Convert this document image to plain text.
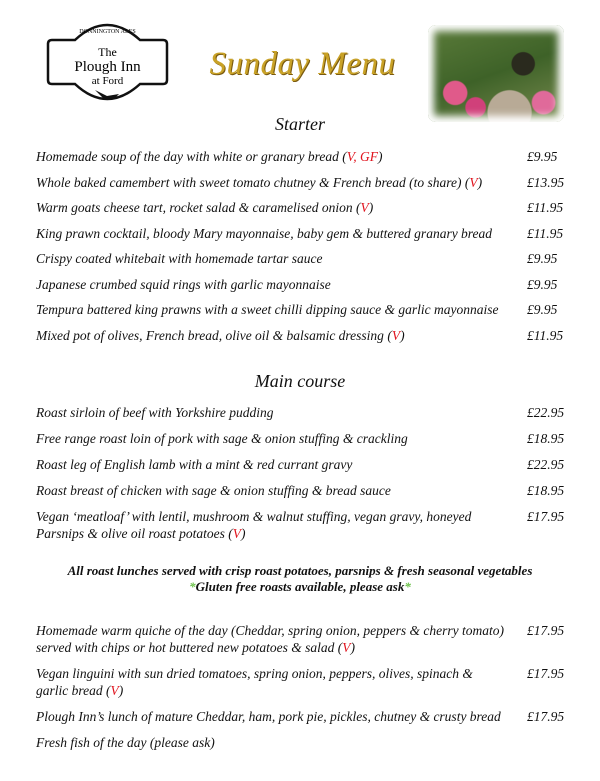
DONNINGTON ALES
The
Plough Inn
at Ford	Sunday Menu
Starter
Homemade soup of the day with white or granary bread (V, GF)	£9.95
Whole baked camembert with sweet tomato chutney & French bread (to share) (V)	£13.95
Warm goats cheese tart, rocket salad & caramelised onion (V)	£11.95
King prawn cocktail, bloody Mary mayonnaise, baby gem & buttered granary bread	£11.95
Crispy coated whitebait with homemade tartar sauce	£9.95
Japanese crumbed squid rings with garlic mayonnaise	£9.95
Tempura battered king prawns with a sweet chilli dipping sauce & garlic mayonnaise	£9.95
Mixed pot of olives, French bread, olive oil & balsamic dressing (V)	£11.95
Main course
Roast sirloin of beef with Yorkshire pudding	£22.95
Free range roast loin of pork with sage & onion stuffing & crackling	£18.95
Roast leg of English lamb with a mint & red currant gravy	£22.95
Roast breast of chicken with sage & onion stuffing & bread sauce	£18.95
Vegan ‘meatloaf’ with lentil, mushroom & walnut stuffing, vegan gravy, honeyed Parsnips & olive oil roast potatoes (V)
£17.95
All roast lunches served with crisp roast potatoes, parsnips & fresh seasonal vegetables
*Gluten free roasts available, please ask*
Homemade warm quiche of the day (Cheddar, spring onion, peppers & cherry tomato) served with chips or hot buttered new potatoes & salad (V)
£17.95
Vegan linguini with sun dried tomatoes, spring onion, peppers, olives, spinach & garlic bread (V)
£17.95
Plough Inn’s lunch of mature Cheddar, ham, pork pie, pickles, chutney & crusty bread	£17.95
Fresh fish of the day (please ask)
